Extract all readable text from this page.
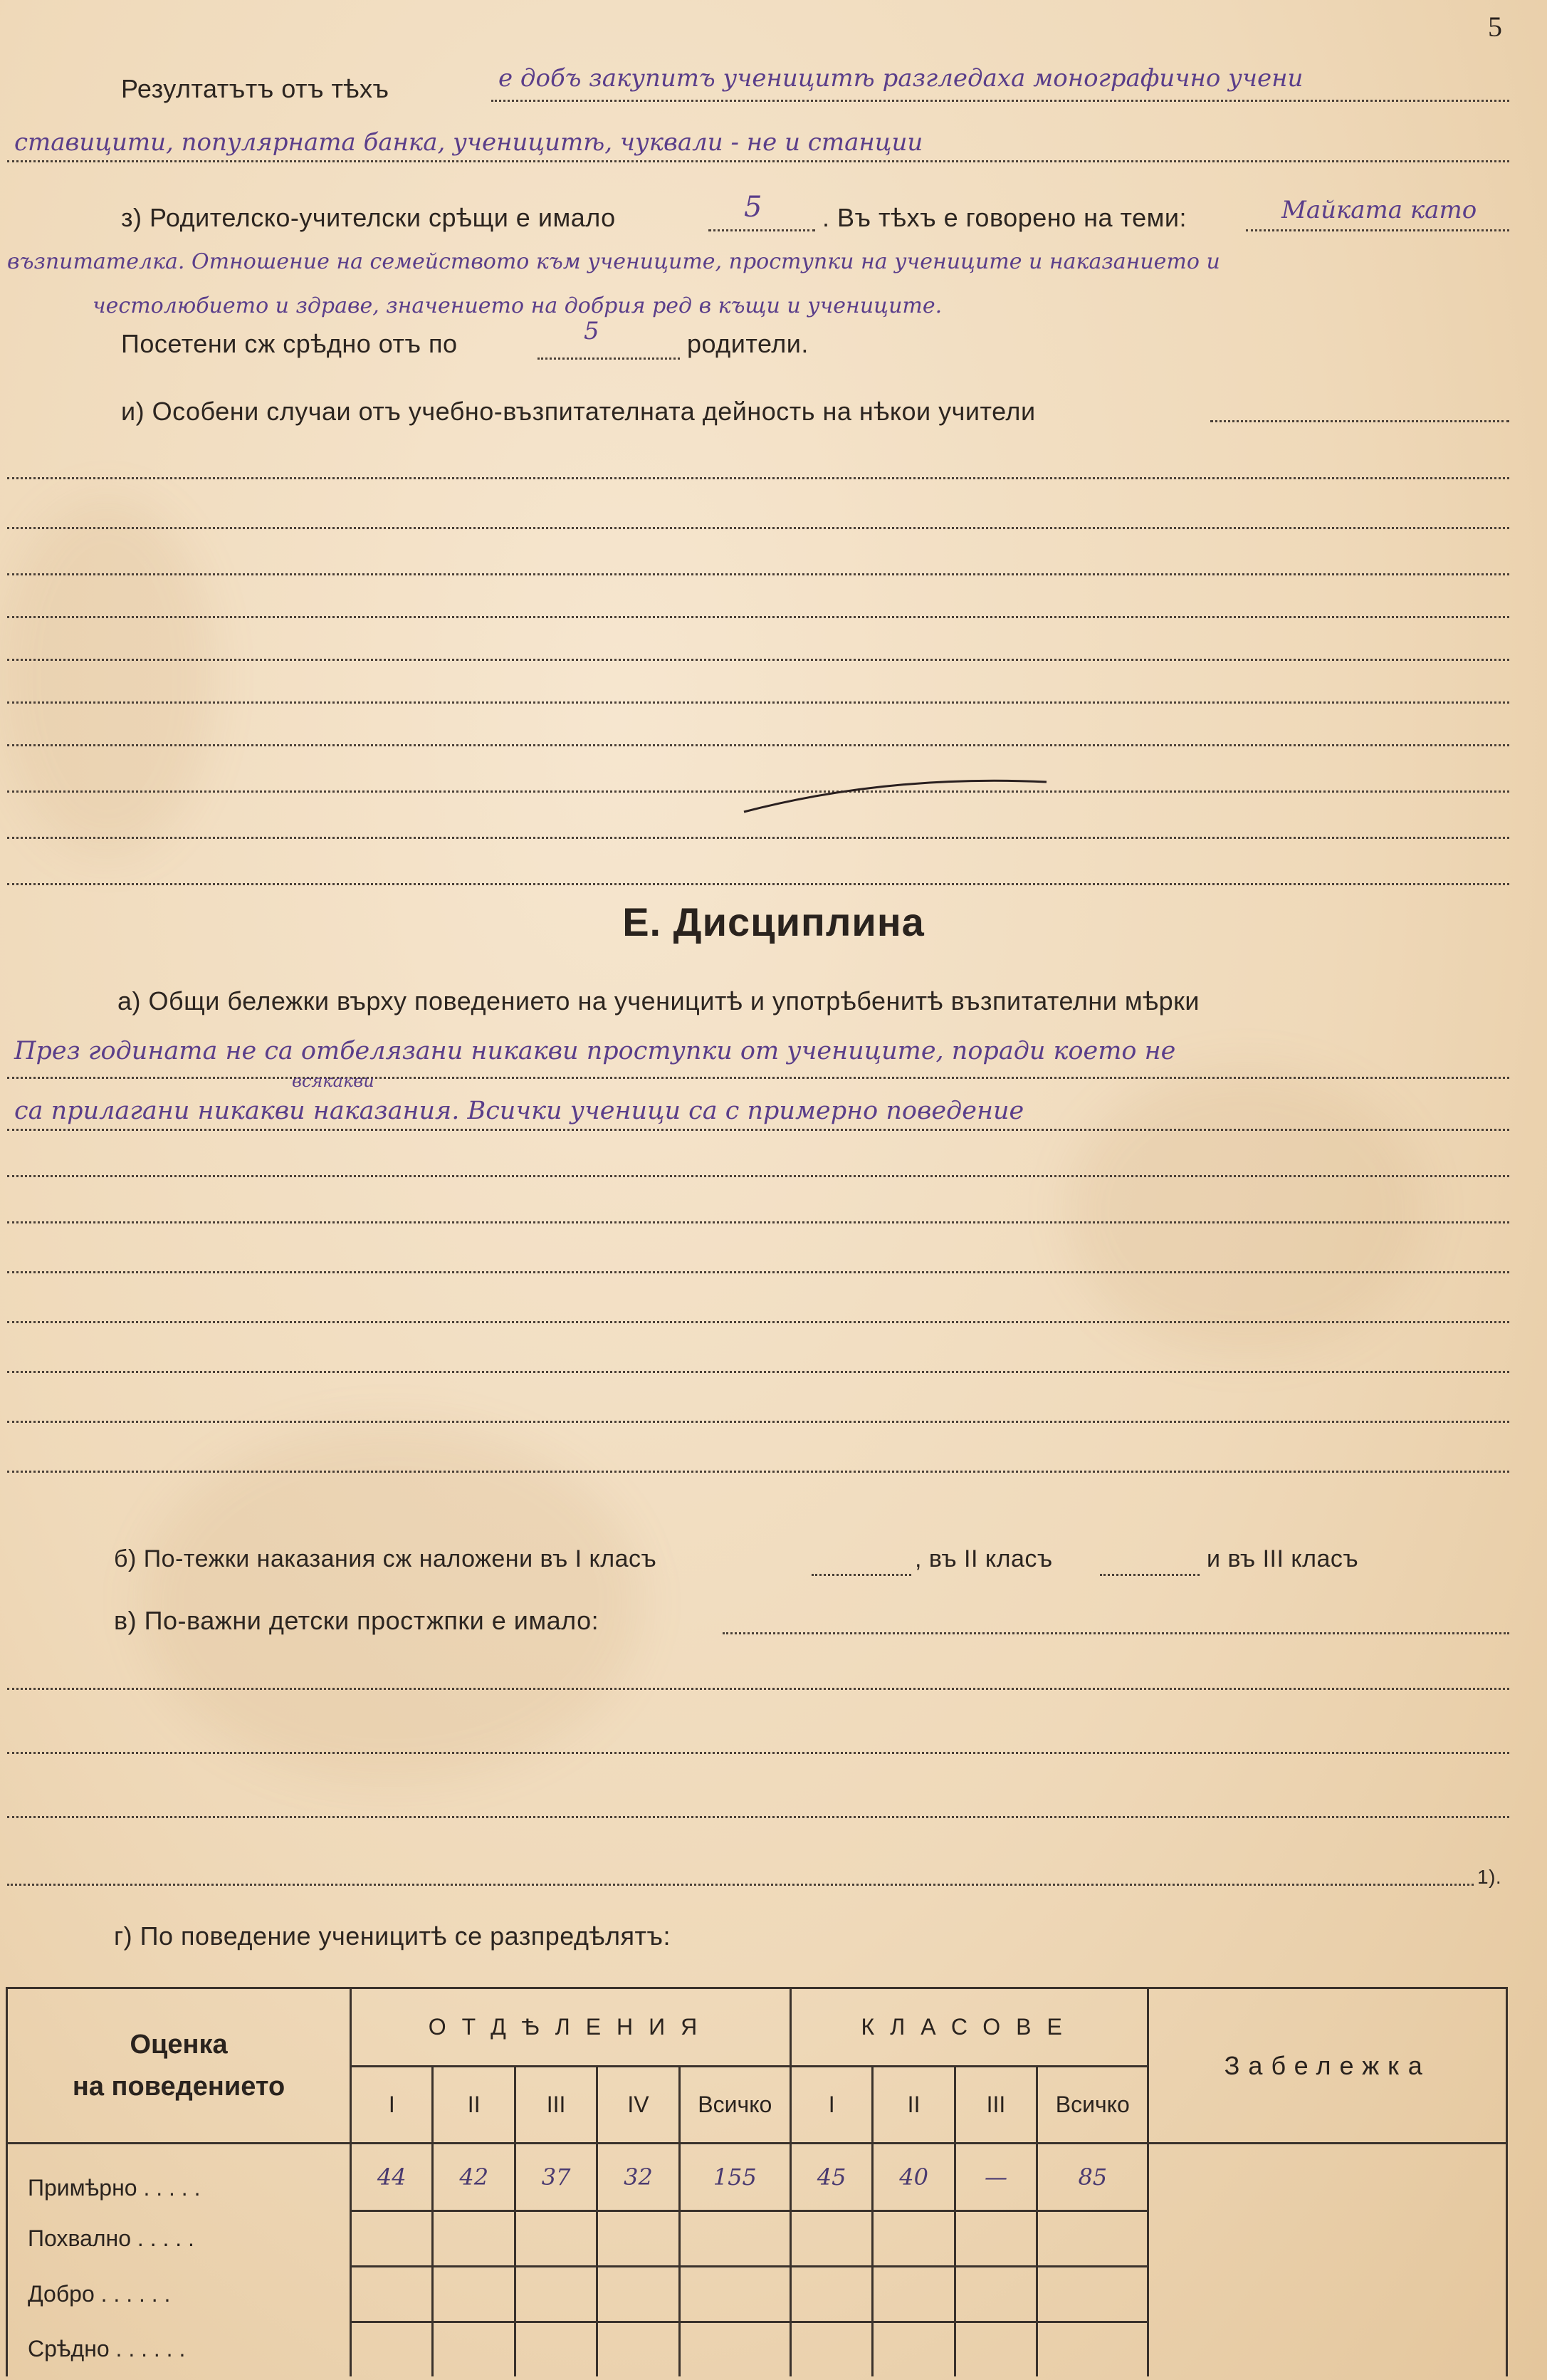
5
Резултатътъ отъ тѣхъ	е добъ закупитъ ученицитѣ разгледаха монографично учени
ставицити, популярната банка, ученицитѣ, чуквали - не и станции
з) Родителско-учителски срѣщи е имало	5 . Въ тѣхъ е говорено на теми:	Майката като
възпитателка. Отношение на семейството към учениците, проступки на учениците и наказанието и
честолюбието и здраве, значението на добрия ред в къщи и учениците.
Посетени сж срѣдно отъ по	5	родители.
и) Особени случаи отъ учебно-възпитателната дейность на нѣкои учители
Е. Дисциплина
а) Общи бележки върху поведението на ученицитѣ и употрѣбенитѣ възпитателни мѣрки
През годината не са отбелязани никакви проступки от учениците, поради което не
са прилагани никакви наказания. Всички ученици са с примерно поведение
всякакви
б) По-тежки наказания сж наложени въ I класъ	, въ II класъ	и въ III класъ
в) По-важни детски простжпки е имало:
1).
г) По поведение ученицитѣ се разпредѣлятъ:
Оценка
на поведението	ОТДѢЛЕНИЯ					КЛАСОВЕ				Забележка
	I	II	III	IV	Всичко	I	II	III	Всичко	
Примѣрно . . . . .	44	42	37	32	155	45	40	—	85	
Похвално . . . . .										
Добро . . . . . .										
Срѣдно . . . . . .										
